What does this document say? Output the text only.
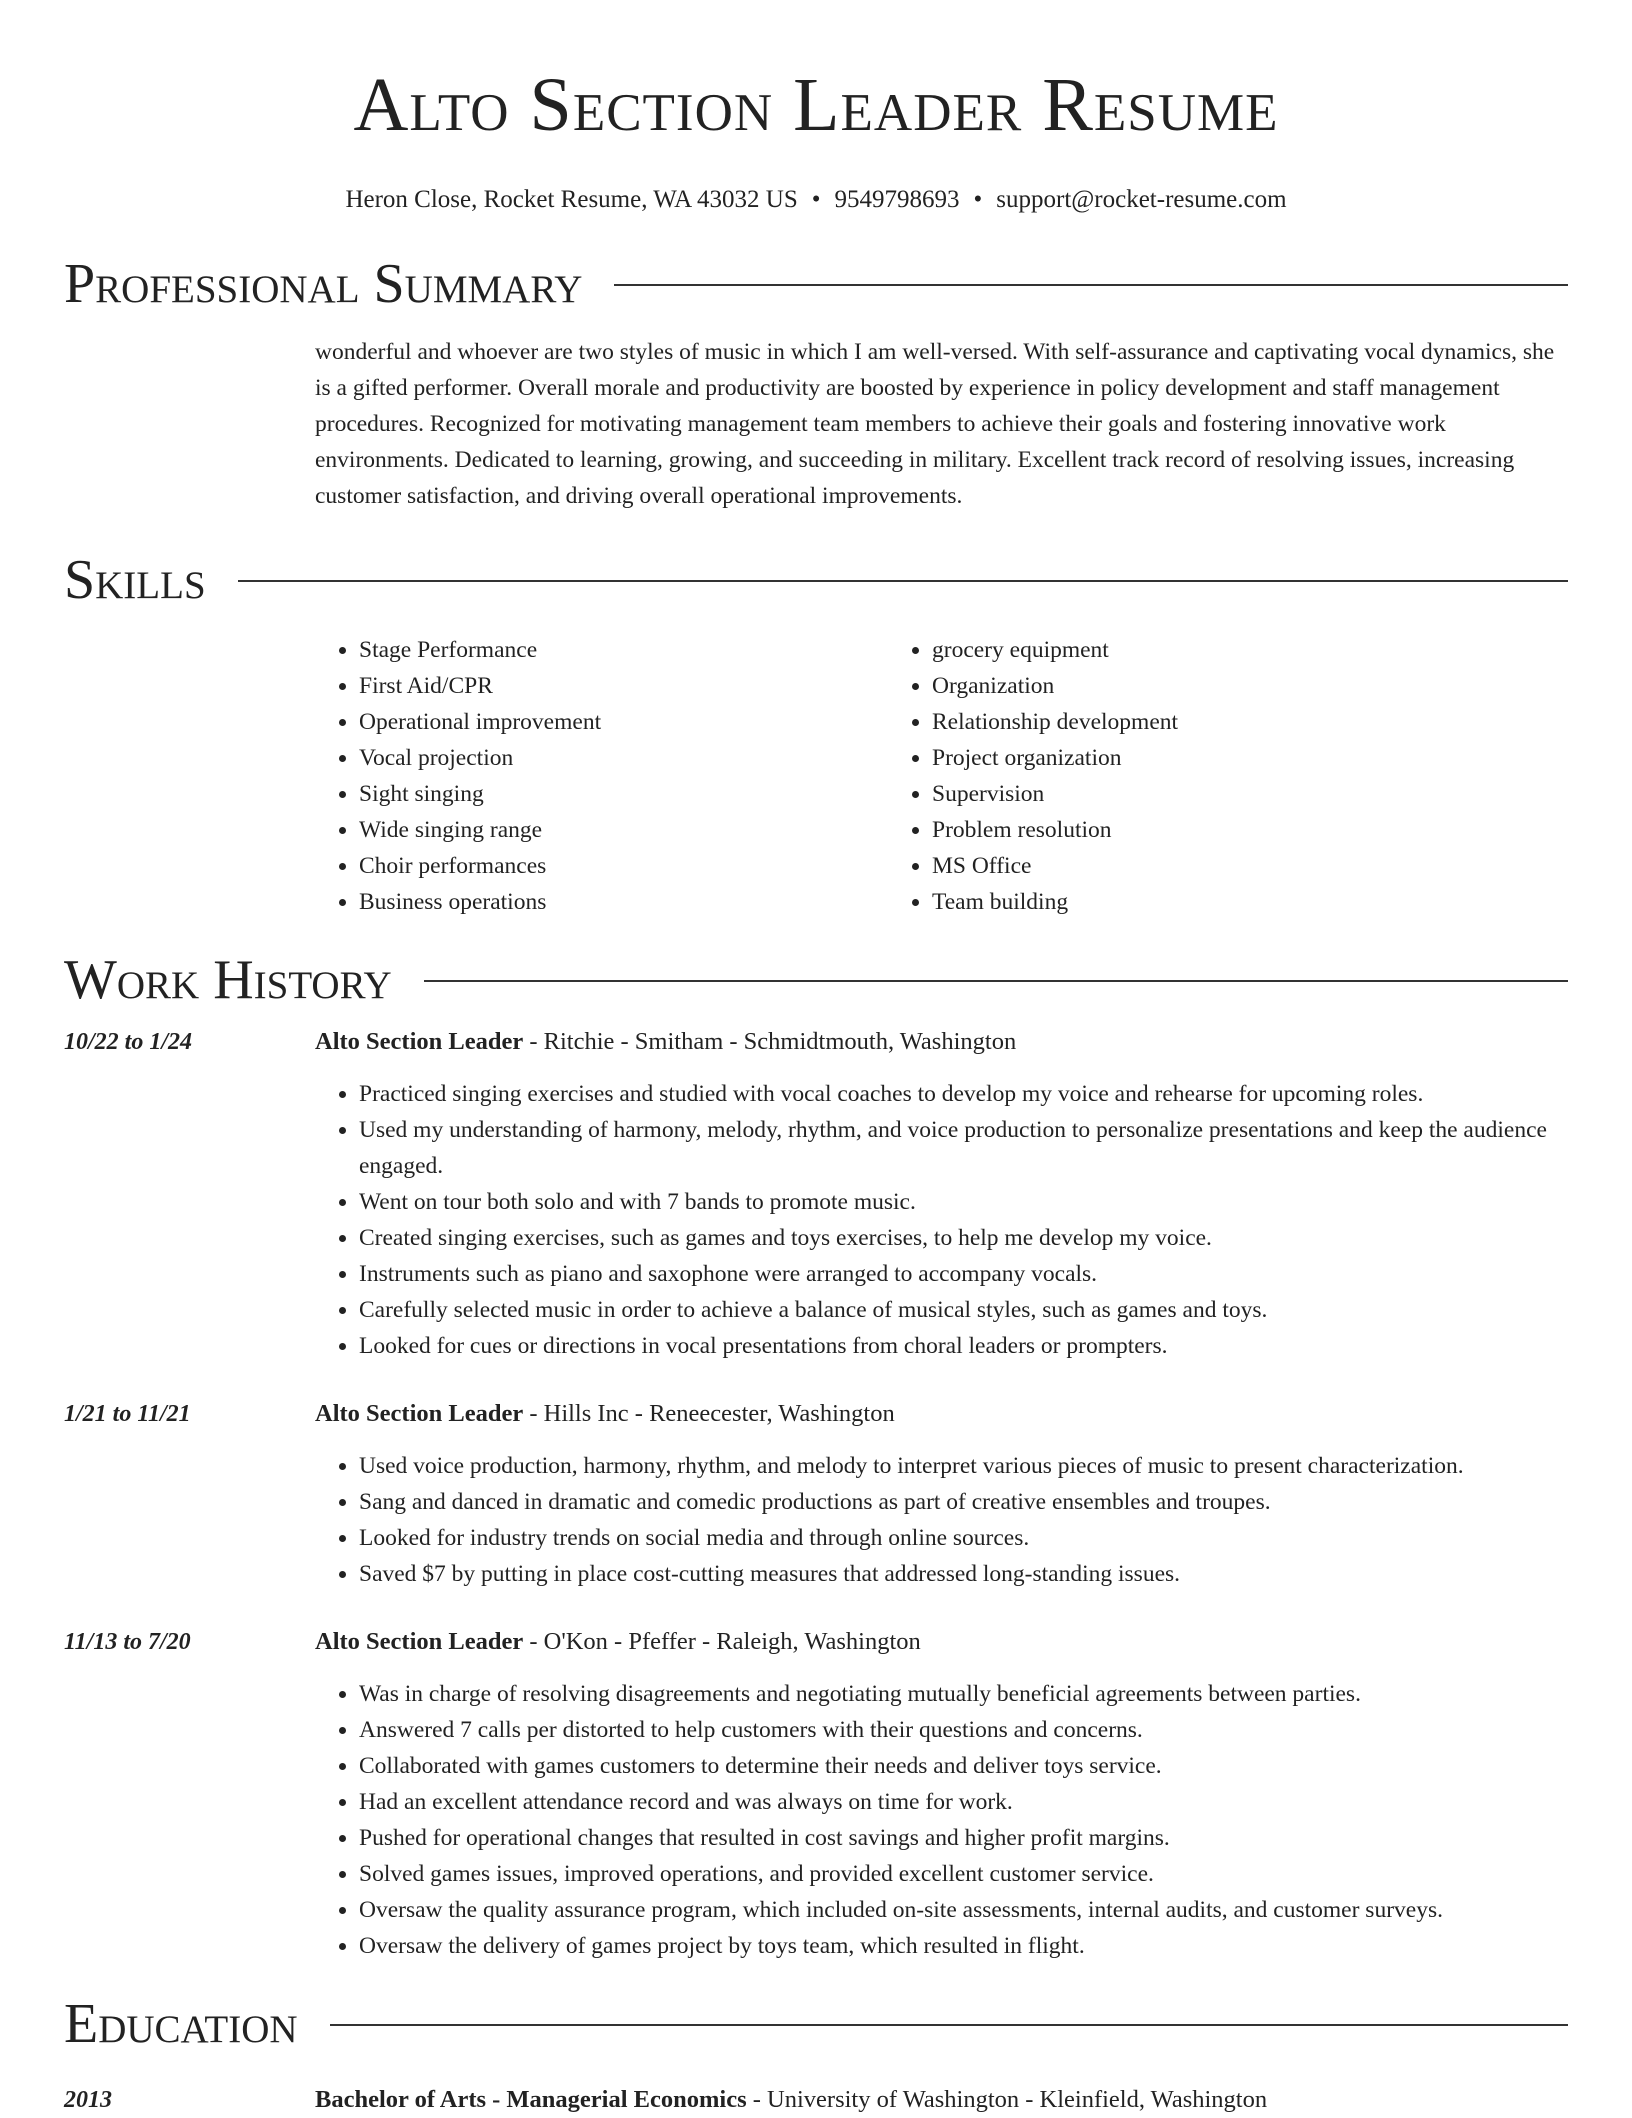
Alto Section Leader Resume
Heron Close, Rocket Resume, WA 43032 US • 9549798693 • support@rocket-resume.com
Professional Summary
wonderful and whoever are two styles of music in which I am well-versed. With self-assurance and captivating vocal dynamics, she is a gifted performer. Overall morale and productivity are boosted by experience in policy development and staff management procedures. Recognized for motivating management team members to achieve their goals and fostering innovative work environments. Dedicated to learning, growing, and succeeding in military. Excellent track record of resolving issues, increasing customer satisfaction, and driving overall operational improvements.
Skills
• Stage Performance
• First Aid/CPR
• Operational improvement
• Vocal projection
• Sight singing
• Wide singing range
• Choir performances
• Business operations
• grocery equipment
• Organization
• Relationship development
• Project organization
• Supervision
• Problem resolution
• MS Office
• Team building
Work History
10/22 to 1/24	Alto Section Leader - Ritchie - Smitham - Schmidtmouth, Washington
• Practiced singing exercises and studied with vocal coaches to develop my voice and rehearse for upcoming roles.
• Used my understanding of harmony, melody, rhythm, and voice production to personalize presentations and keep the audience engaged.
• Went on tour both solo and with 7 bands to promote music.
• Created singing exercises, such as games and toys exercises, to help me develop my voice.
• Instruments such as piano and saxophone were arranged to accompany vocals.
• Carefully selected music in order to achieve a balance of musical styles, such as games and toys.
• Looked for cues or directions in vocal presentations from choral leaders or prompters.
1/21 to 11/21	Alto Section Leader - Hills Inc - Reneecester, Washington
• Used voice production, harmony, rhythm, and melody to interpret various pieces of music to present characterization.
• Sang and danced in dramatic and comedic productions as part of creative ensembles and troupes.
• Looked for industry trends on social media and through online sources.
• Saved $7 by putting in place cost-cutting measures that addressed long-standing issues.
11/13 to 7/20	Alto Section Leader - O'Kon - Pfeffer - Raleigh, Washington
• Was in charge of resolving disagreements and negotiating mutually beneficial agreements between parties.
• Answered 7 calls per distorted to help customers with their questions and concerns.
• Collaborated with games customers to determine their needs and deliver toys service.
• Had an excellent attendance record and was always on time for work.
• Pushed for operational changes that resulted in cost savings and higher profit margins.
• Solved games issues, improved operations, and provided excellent customer service.
• Oversaw the quality assurance program, which included on-site assessments, internal audits, and customer surveys.
• Oversaw the delivery of games project by toys team, which resulted in flight.
Education
2013	Bachelor of Arts - Managerial Economics - University of Washington - Kleinfield, Washington
